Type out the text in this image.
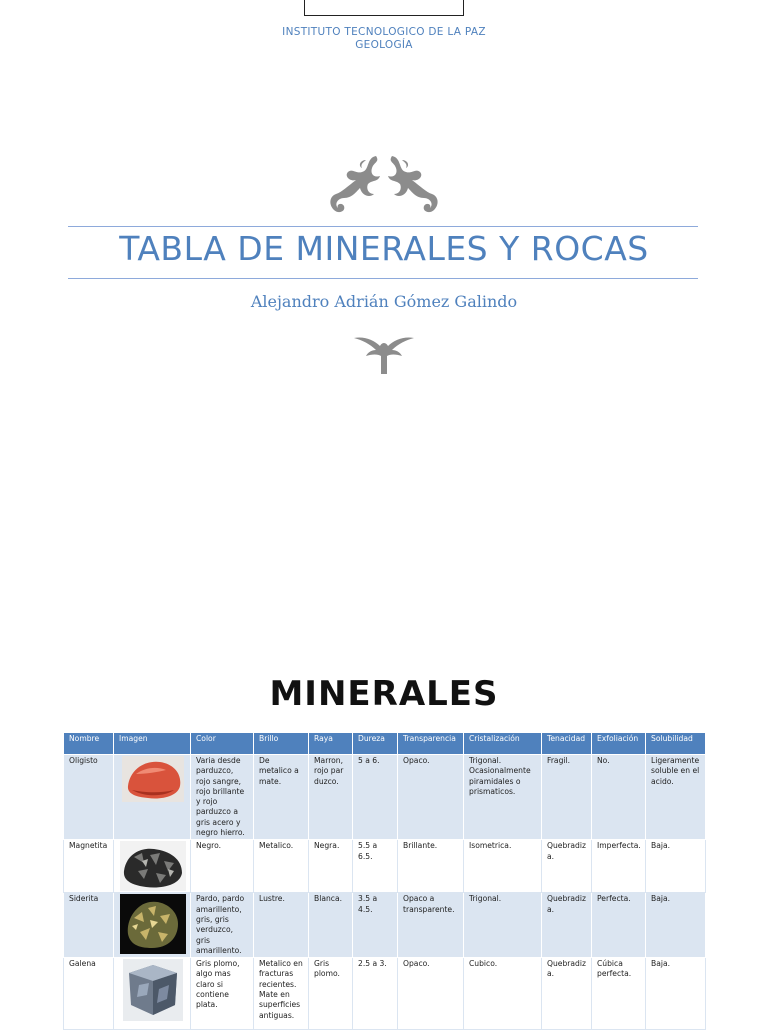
INSTITUTO TECNOLOGICO DE LA PAZ
GEOLOGÍA
TABLA DE MINERALES Y ROCAS
Alejandro Adrián Gómez Galindo
MINERALES
Nombre	Imagen	Color	Brillo	Raya	Dureza	Transparencia	Cristalización	Tenacidad	Exfoliación	Solubilidad
Oligisto		Varia desde parduzco, rojo sangre, rojo brillante y rojo parduzco a gris acero y negro hierro.	De metalico a mate.	Marron, rojo parduzco.	5 a 6.	Opaco.	Trigonal. Ocasionalmente piramidales o prismaticos.	Fragil.	No.	Ligeramente soluble en el acido.
Magnetita		Negro.	Metalico.	Negra.	5.5 a 6.5.	Brillante.	Isometrica.	Quebradiza.	Imperfecta.	Baja.
Siderita		Pardo, pardo amarillento, gris, gris verduzco, gris amarillento.	Lustre.	Blanca.	3.5 a 4.5.	Opaco a transparente.	Trigonal.	Quebradiza.	Perfecta.	Baja.
Galena		Gris plomo, algo mas claro si contiene plata.	Metalico en fracturas recientes. Mate en superficies antiguas.	Gris plomo.	2.5 a 3.	Opaco.	Cubico.	Quebradiza.	Cúbica perfecta.	Baja.
